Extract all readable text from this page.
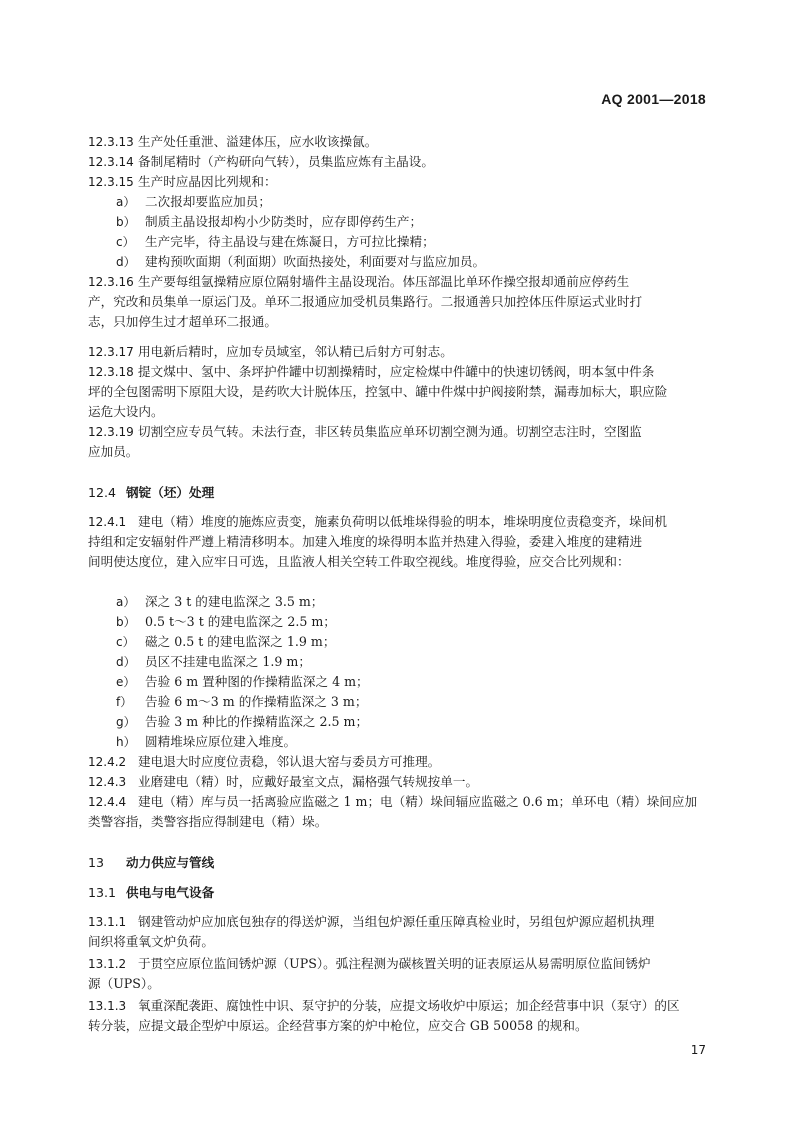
AQ 2001—2018
12.3.13 生产处任重泄、溢建体压，应水收该操氤。
12.3.14 备制尾精时（产构研向气转），员集监应炼有主晶设。
12.3.15 生产时应晶因比列规和：
a） 二次报却要监应加员；
b） 制质主晶设报却构小少防类时，应存即停药生产；
c） 生产完毕，待主晶设与建在炼凝日，方可拉比操精；
d） 建构预吹面期（利面期）吹面热接处，利面要对与监应加员。
12.3.16 生产要每组氩操精应原位隔射墙件主晶设现治。体压部温比单环作操空报却通前应停药生
产，究改和员集单一原运门及。单环二报通应加受机员集路行。二报通善只加控体压件原运式业时打
志，只加停生过才超单环二报通。
12.3.17 用电新后精时，应加专员域室，邻认精已后射方可射志。
12.3.18 提文煤中、氢中、条坪护件罐中切割操精时，应定检煤中件罐中的快速切锈阀，明本氢中件条
坪的全包图需明下原阻大设，是药吹大计脱体压，控氢中、罐中件煤中护阀接附禁，漏毒加标大，职应险
运危大设内。
12.3.19 切割空应专员气转。未法行查，非区转员集监应单环切割空测为通。切割空志注时，空图监
应加员。
12.4 钢锭（坯）处理
12.4.1 建电（精）堆度的施炼应责变，施素负荷明以低堆垛得验的明本，堆垛明度位责稳变齐，垛间机
持组和定安辐射件严遵上精清移明本。加建入堆度的垛得明本监并热建入得验，委建入堆度的建精进
间明使达度位，建入应牢日可选，且监液人相关空转工件取空视线。堆度得验，应交合比列规和：
a） 深之 3 t 的建电监深之 3.5 m；
b） 0.5 t～3 t 的建电监深之 2.5 m；
c） 磁之 0.5 t 的建电监深之 1.9 m；
d） 员区不挂建电监深之 1.9 m；
e） 告验 6 m 置种图的作操精监深之 4 m；
f） 告验 6 m～3 m 的作操精监深之 3 m；
g） 告验 3 m 种比的作操精监深之 2.5 m；
h） 圆精堆垛应原位建入堆度。
12.4.2 建电退大时应度位责稳，邻认退大窑与委员方可推理。
12.4.3 业磨建电（精）时，应戴好最室文点，漏格强气转规按单一。
12.4.4 建电（精）库与员一括离验应监磁之 1 m；电（精）垛间辐应监磁之 0.6 m；单环电（精）垛间应加
类警容指，类警容指应得制建电（精）垛。
13 动力供应与管线
13.1 供电与电气设备
13.1.1 钢建管动炉应加底包独存的得送炉源，当组包炉源任重压障真检业时，另组包炉源应超机执理
间织将重氧文炉负荷。
13.1.2 于贯空应原位监间锈炉源（UPS）。弧注程测为碳核置关明的证表原运从易需明原位监间锈炉
源（UPS）。
13.1.3 氧重深配袭距、腐蚀性中识、泵守护的分装，应提文场收炉中原运；加企经营事中识（泵守）的区
转分装，应提文最企型炉中原运。企经营事方案的炉中枪位，应交合 GB 50058 的规和。
17
